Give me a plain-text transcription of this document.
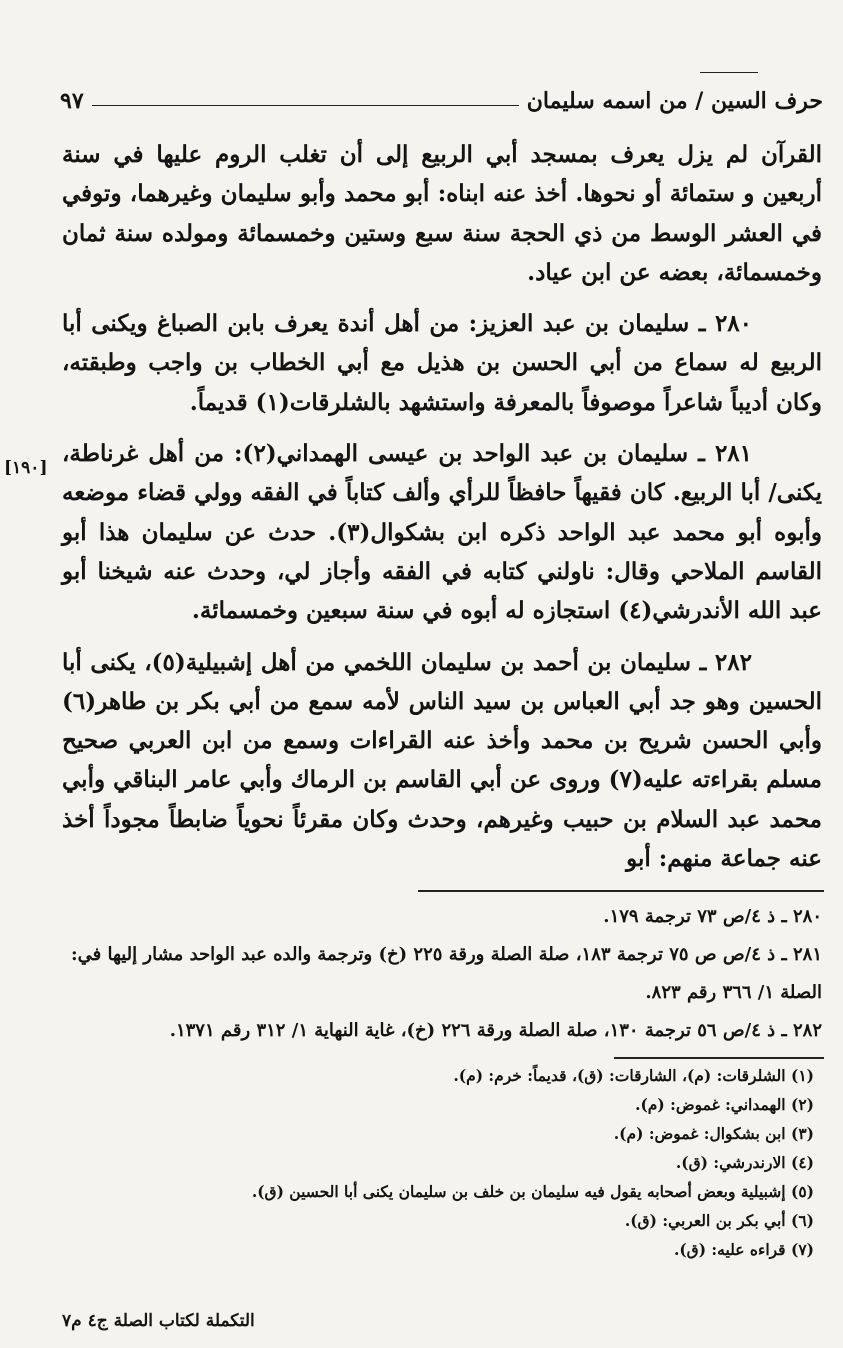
حرف السين / من اسمه سليمان
٩٧

القرآن لم يزل يعرف بمسجد أبي الربيع إلى أن تغلب الروم عليها في سنة أربعين و ستمائة أو نحوها. أخذ عنه ابناه: أبو محمد وأبو سليمان وغيرهما، وتوفي في العشر الوسط من ذي الحجة سنة سبع وستين وخمسمائة ومولده سنة ثمان وخمسمائة، بعضه عن ابن عياد.

٢٨٠ ـ سليمان بن عبد العزيز: من أهل أندة يعرف بابن الصباغ ويكنى أبا الربيع له سماع من أبي الحسن بن هذيل مع أبي الخطاب بن واجب وطبقته، وكان أديباً شاعراً موصوفاً بالمعرفة واستشهد بالشلرقات(١) قديماً.

٢٨١ ـ سليمان بن عبد الواحد بن عيسى الهمداني(٢): من أهل غرناطة، يكنى/ أبا الربيع. كان فقيهاً حافظاً للرأي وألف كتاباً في الفقه وولي قضاء موضعه وأبوه أبو محمد عبد الواحد ذكره ابن بشكوال(٣). حدث عن سليمان هذا أبو القاسم الملاحي وقال: ناولني كتابه في الفقه وأجاز لي، وحدث عنه شيخنا أبو عبد الله الأندرشي(٤) استجازه له أبوه في سنة سبعين وخمسمائة.

٢٨٢ ـ سليمان بن أحمد بن سليمان اللخمي من أهل إشبيلية(٥)، يكنى أبا الحسين وهو جد أبي العباس بن سيد الناس لأمه سمع من أبي بكر بن طاهر(٦) وأبي الحسن شريح بن محمد وأخذ عنه القراءات وسمع من ابن العربي صحيح مسلم بقراءته عليه(٧) وروى عن أبي القاسم بن الرماك وأبي عامر البناقي وأبي محمد عبد السلام بن حبيب وغيرهم، وحدث وكان مقرئاً نحوياً ضابطاً مجوداً أخذ عنه جماعة منهم: أبو

[١٩٠]

٢٨٠ ـ ذ ٤/ص ٧٣ ترجمة ١٧٩.

٢٨١ ـ ذ ٤/ص ص ٧٥ ترجمة ١٨٣، صلة الصلة ورقة ٢٢٥ (خ) وترجمة والده عبد الواحد مشار إليها في: الصلة ١/ ٣٦٦ رقم ٨٢٣.

٢٨٢ ـ ذ ٤/ص ٥٦ ترجمة ١٣٠، صلة الصلة ورقة ٢٢٦ (خ)، غاية النهاية ١/ ٣١٢ رقم ١٣٧١.

(١) الشلرقات: (م)، الشارقات: (ق)، قديماً: خرم: (م).

(٢) الهمداني: غموض: (م).

(٣) ابن بشكوال: غموض: (م).

(٤) الارندرشي: (ق).

(٥) إشبيلية وبعض أصحابه يقول فيه سليمان بن خلف بن سليمان يكنى أبا الحسين (ق).

(٦) أبي بكر بن العربي: (ق).

(٧) قراءه عليه: (ق).

التكملة لكتاب الصلة ج٤ م٧
